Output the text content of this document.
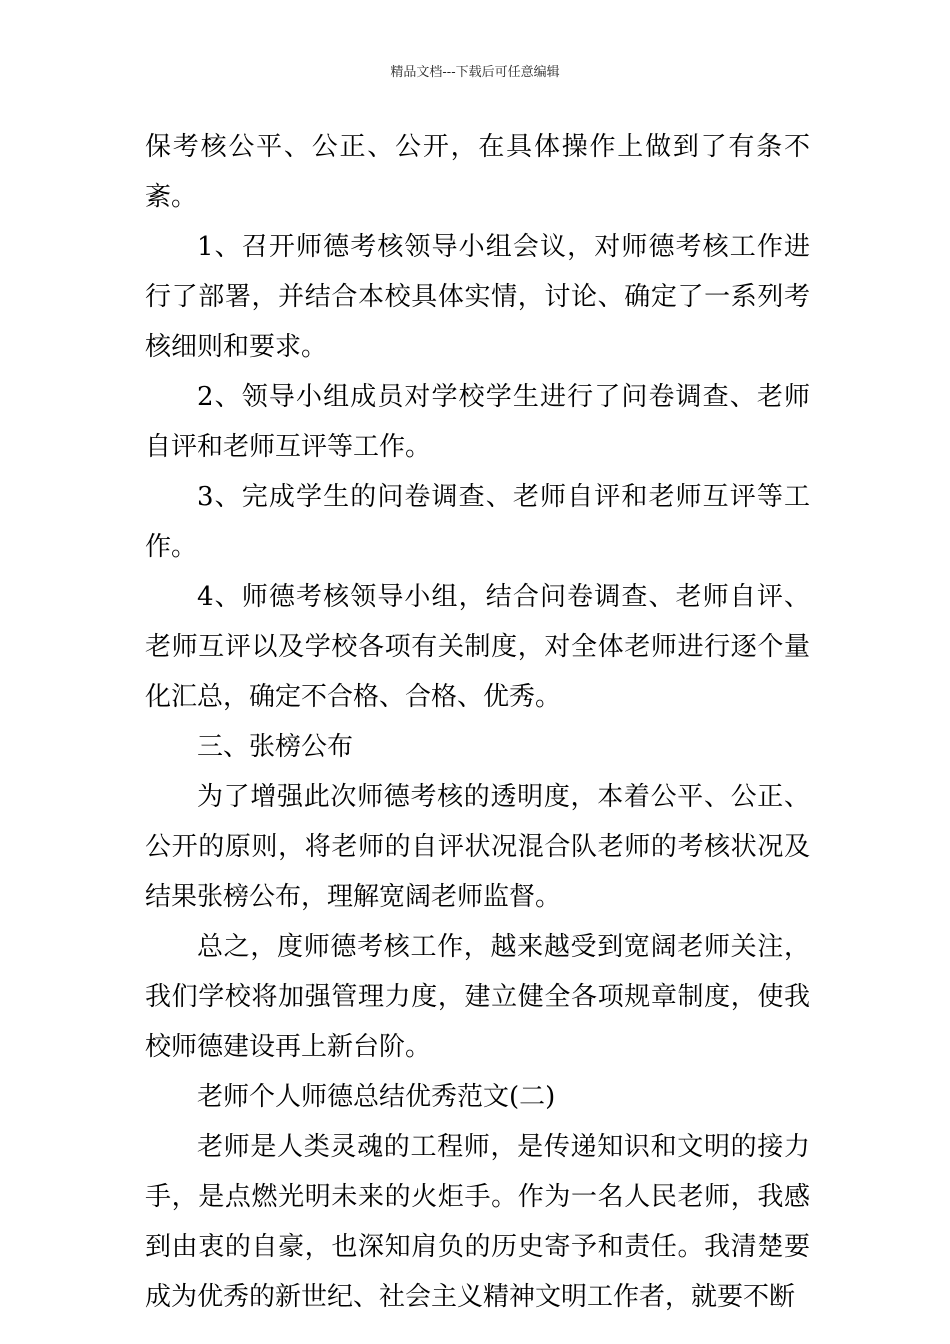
精品文档---下载后可任意编辑

保考核公平、公正、公开，在具体操作上做到了有条不紊。

1、召开师德考核领导小组会议，对师德考核工作进行了部署，并结合本校具体实情，讨论、确定了一系列考核细则和要求。

2、领导小组成员对学校学生进行了问卷调查、老师自评和老师互评等工作。

3、完成学生的问卷调查、老师自评和老师互评等工作。

4、师德考核领导小组，结合问卷调查、老师自评、老师互评以及学校各项有关制度，对全体老师进行逐个量化汇总，确定不合格、合格、优秀。

三、张榜公布

为了增强此次师德考核的透明度，本着公平、公正、公开的原则，将老师的自评状况混合队老师的考核状况及结果张榜公布，理解宽阔老师监督。

总之，度师德考核工作，越来越受到宽阔老师关注，我们学校将加强管理力度，建立健全各项规章制度，使我校师德建设再上新台阶。

老师个人师德总结优秀范文(二)

老师是人类灵魂的工程师，是传递知识和文明的接力手，是点燃光明未来的火炬手。作为一名人民老师，我感到由衷的自豪，也深知肩负的历史寄予和责任。我清楚要成为优秀的新世纪、社会主义精神文明工作者，就要不断
